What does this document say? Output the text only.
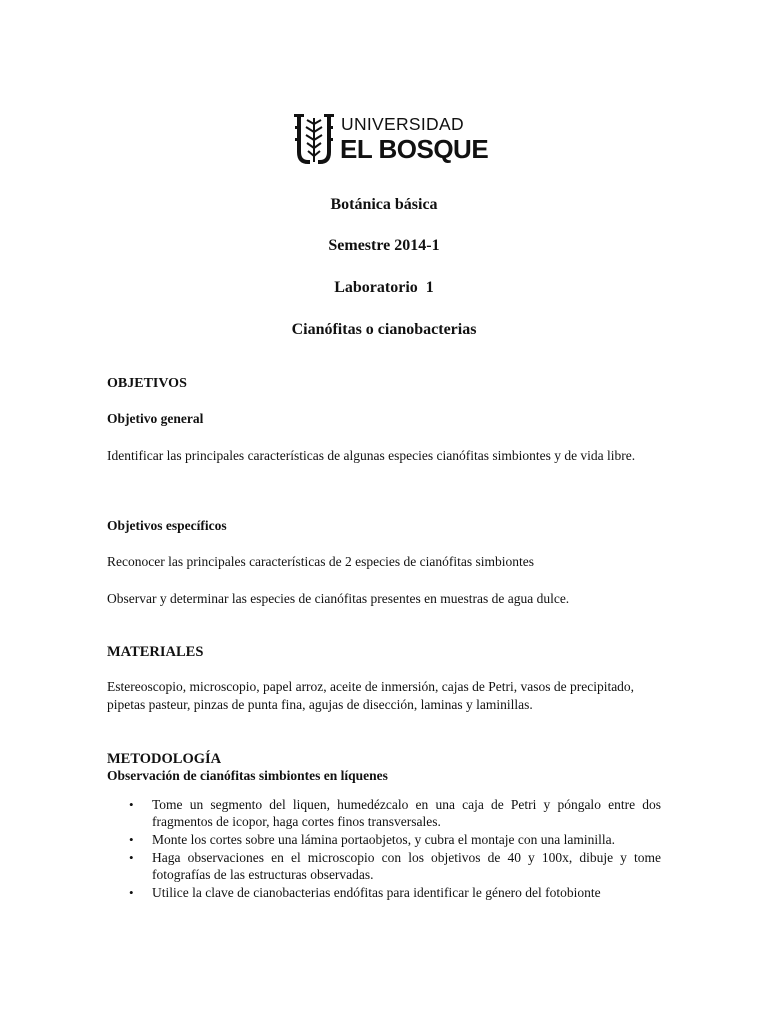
UNIVERSIDAD
EL BOSQUE
Botánica básica
Semestre 2014-1
Laboratorio  1
Cianófitas o cianobacterias
OBJETIVOS
Objetivo general
Identificar las principales características de algunas especies cianófitas simbiontes y de vida libre.
Objetivos específicos
Reconocer las principales características de 2 especies de cianófitas simbiontes
Observar y determinar las especies de cianófitas presentes en muestras de agua dulce.
MATERIALES
Estereoscopio, microscopio, papel arroz, aceite de inmersión, cajas de Petri, vasos de precipitado, pipetas pasteur, pinzas de punta fina, agujas de disección, laminas y laminillas.
METODOLOGÍA
Observación de cianófitas simbiontes en líquenes
• Tome un segmento del liquen, humedézcalo en una caja de Petri y póngalo entre dos fragmentos de icopor, haga cortes finos transversales.
• Monte los cortes sobre una lámina portaobjetos, y cubra el montaje con una laminilla.
• Haga observaciones en el microscopio con los objetivos de 40 y 100x, dibuje y tome fotografías de las estructuras observadas.
• Utilice la clave de cianobacterias endófitas para identificar le género del fotobionte
